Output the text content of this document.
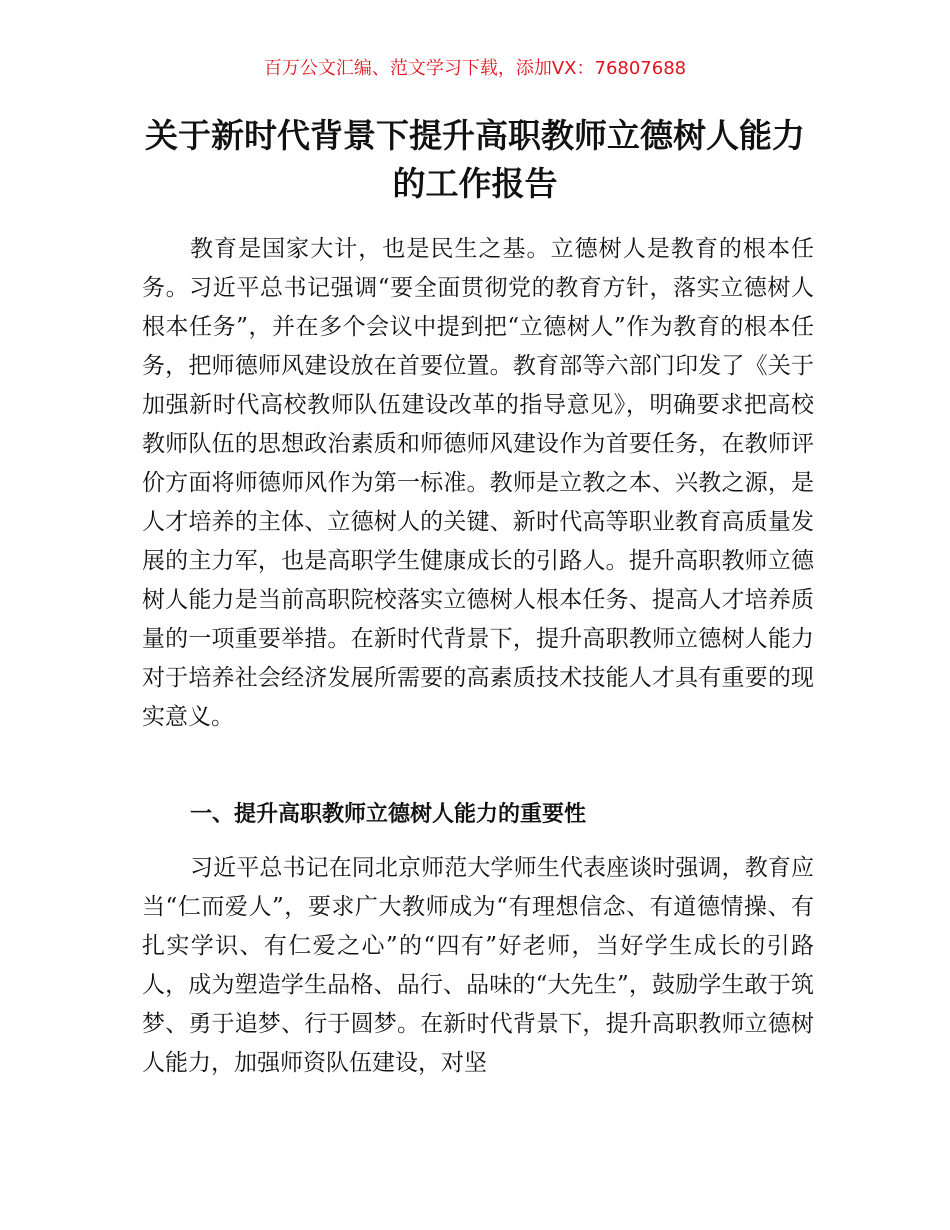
百万公文汇编、范文学习下载，添加VX：76807688
关于新时代背景下提升高职教师立德树人能力的工作报告

教育是国家大计，也是民生之基。立德树人是教育的根本任务。习近平总书记强调“要全面贯彻党的教育方针，落实立德树人根本任务”，并在多个会议中提到把“立德树人”作为教育的根本任务，把师德师风建设放在首要位置。教育部等六部门印发了《关于加强新时代高校教师队伍建设改革的指导意见》，明确要求把高校教师队伍的思想政治素质和师德师风建设作为首要任务，在教师评价方面将师德师风作为第一标准。教师是立教之本、兴教之源，是人才培养的主体、立德树人的关键、新时代高等职业教育高质量发展的主力军，也是高职学生健康成长的引路人。提升高职教师立德树人能力是当前高职院校落实立德树人根本任务、提高人才培养质量的一项重要举措。在新时代背景下，提升高职教师立德树人能力对于培养社会经济发展所需要的高素质技术技能人才具有重要的现实意义。

一、提升高职教师立德树人能力的重要性

习近平总书记在同北京师范大学师生代表座谈时强调，教育应当“仁而爱人”，要求广大教师成为“有理想信念、有道德情操、有扎实学识、有仁爱之心”的“四有”好老师，当好学生成长的引路人，成为塑造学生品格、品行、品味的“大先生”，鼓励学生敢于筑梦、勇于追梦、行于圆梦。在新时代背景下，提升高职教师立德树人能力，加强师资队伍建设，对坚
